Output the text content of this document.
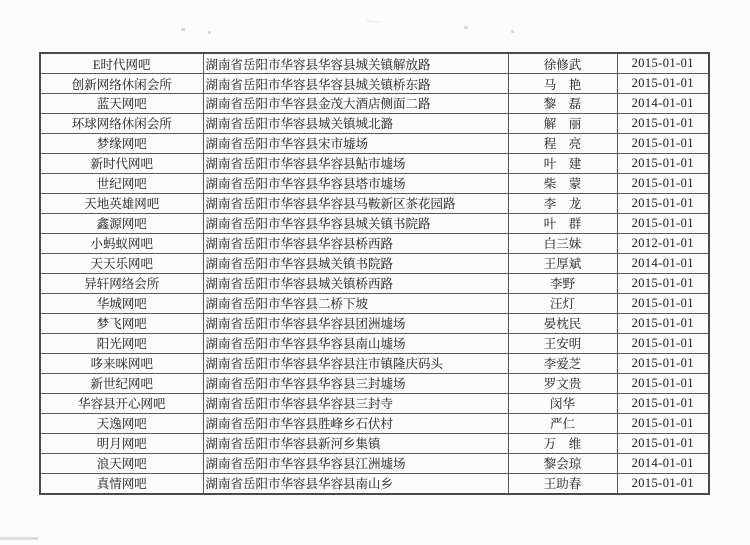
E时代网吧	湖南省岳阳市华容县华容县城关镇解放路	徐修武	2015-01-01
创新网络休闲会所	湖南省岳阳市华容县华容县城关镇桥东路	马　艳	2015-01-01
蓝天网吧	湖南省岳阳市华容县金茂大酒店侧面二路	黎　磊	2014-01-01
环球网络休闲会所	湖南省岳阳市华容县城关镇城北潞	解　丽	2015-01-01
梦缘网吧	湖南省岳阳市华容县宋市墟场	程　亮	2015-01-01
新时代网吧	湖南省岳阳市华容县华容县鲇市墟场	叶　建	2015-01-01
世纪网吧	湖南省岳阳市华容县华容县塔市墟场	柴　蒙	2015-01-01
天地英雄网吧	湖南省岳阳市华容县华容县马鞍新区茶花园路	李　龙	2015-01-01
鑫源网吧	湖南省岳阳市华容县华容县城关镇书院路	叶　群	2015-01-01
小蚂蚁网吧	湖南省岳阳市华容县华容县桥西路	白三妹	2012-01-01
天天乐网吧	湖南省岳阳市华容县城关镇书院路	王厚斌	2014-01-01
异轩网络会所	湖南省岳阳市华容县城关镇桥西路	李野	2015-01-01
华城网吧	湖南省岳阳市华容县二桥下坡	汪灯	2015-01-01
梦飞网吧	湖南省岳阳市华容县华容县团洲墟场	晏枕民	2015-01-01
阳光网吧	湖南省岳阳市华容县华容县南山墟场	王安明	2015-01-01
哆来咪网吧	湖南省岳阳市华容县华容县注市镇隆庆码头	李爱芝	2015-01-01
新世纪网吧	湖南省岳阳市华容县华容县三封墟场	罗文贵	2015-01-01
华容县开心网吧	湖南省岳阳市华容县华容县三封寺	闵华	2015-01-01
天逸网吧	湖南省岳阳市华容县胜峰乡石伏村	严仁	2015-01-01
明月网吧	湖南省岳阳市华容县新河乡集镇	万　维	2015-01-01
浪天网吧	湖南省岳阳市华容县华容县江洲墟场	黎会琼	2014-01-01
真情网吧	湖南省岳阳市华容县华容县南山乡	王助春	2015-01-01
